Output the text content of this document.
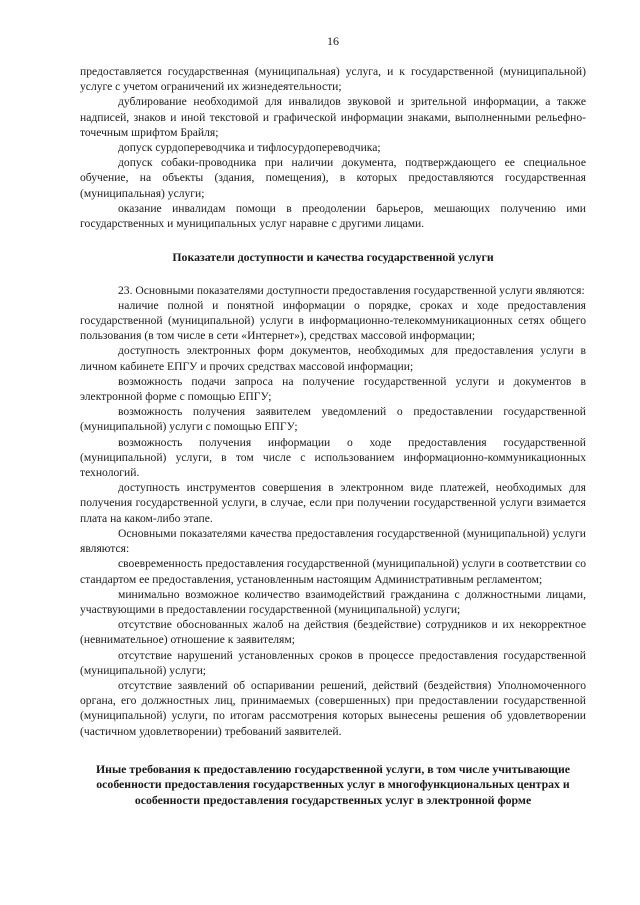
16

предоставляется государственная (муниципальная) услуга, и к государственной (муниципальной) услуге с учетом ограничений их жизнедеятельности;

дублирование необходимой для инвалидов звуковой и зрительной информации, а также надписей, знаков и иной текстовой и графической информации знаками, выполненными рельефно-точечным шрифтом Брайля;

допуск сурдопереводчика и тифлосурдопереводчика;

допуск собаки-проводника при наличии документа, подтверждающего ее специальное обучение, на объекты (здания, помещения), в которых предоставляются государственная (муниципальная) услуги;

оказание инвалидам помощи в преодолении барьеров, мешающих получению ими государственных и муниципальных услуг наравне с другими лицами.

Показатели доступности и качества государственной услуги

23. Основными показателями доступности предоставления государственной услуги являются:

наличие полной и понятной информации о порядке, сроках и ходе предоставления государственной (муниципальной) услуги в информационно-телекоммуникационных сетях общего пользования (в том числе в сети «Интернет»), средствах массовой информации;

доступность электронных форм документов, необходимых для предоставления услуги в личном кабинете ЕПГУ и прочих средствах массовой информации;

возможность подачи запроса на получение государственной услуги и документов в электронной форме с помощью ЕПГУ;

возможность получения заявителем уведомлений о предоставлении государственной (муниципальной) услуги с помощью ЕПГУ;

возможность получения информации о ходе предоставления государственной (муниципальной) услуги, в том числе с использованием информационно-коммуникационных технологий.

доступность инструментов совершения в электронном виде платежей, необходимых для получения государственной услуги, в случае, если при получении государственной услуги взимается плата на каком-либо этапе.

Основными показателями качества предоставления государственной (муниципальной) услуги являются:

своевременность предоставления государственной (муниципальной) услуги в соответствии со стандартом ее предоставления, установленным настоящим Административным регламентом;

минимально возможное количество взаимодействий гражданина с должностными лицами, участвующими в предоставлении государственной (муниципальной) услуги;

отсутствие обоснованных жалоб на действия (бездействие) сотрудников и их некорректное (невнимательное) отношение к заявителям;

отсутствие нарушений установленных сроков в процессе предоставления государственной (муниципальной) услуги;

отсутствие заявлений об оспаривании решений, действий (бездействия) Уполномоченного органа, его должностных лиц, принимаемых (совершенных) при предоставлении государственной (муниципальной) услуги, по итогам рассмотрения которых вынесены решения об удовлетворении (частичном удовлетворении) требований заявителей.

Иные требования к предоставлению государственной услуги, в том числе учитывающие особенности предоставления государственных услуг в многофункциональных центрах и особенности предоставления государственных услуг в электронной форме
